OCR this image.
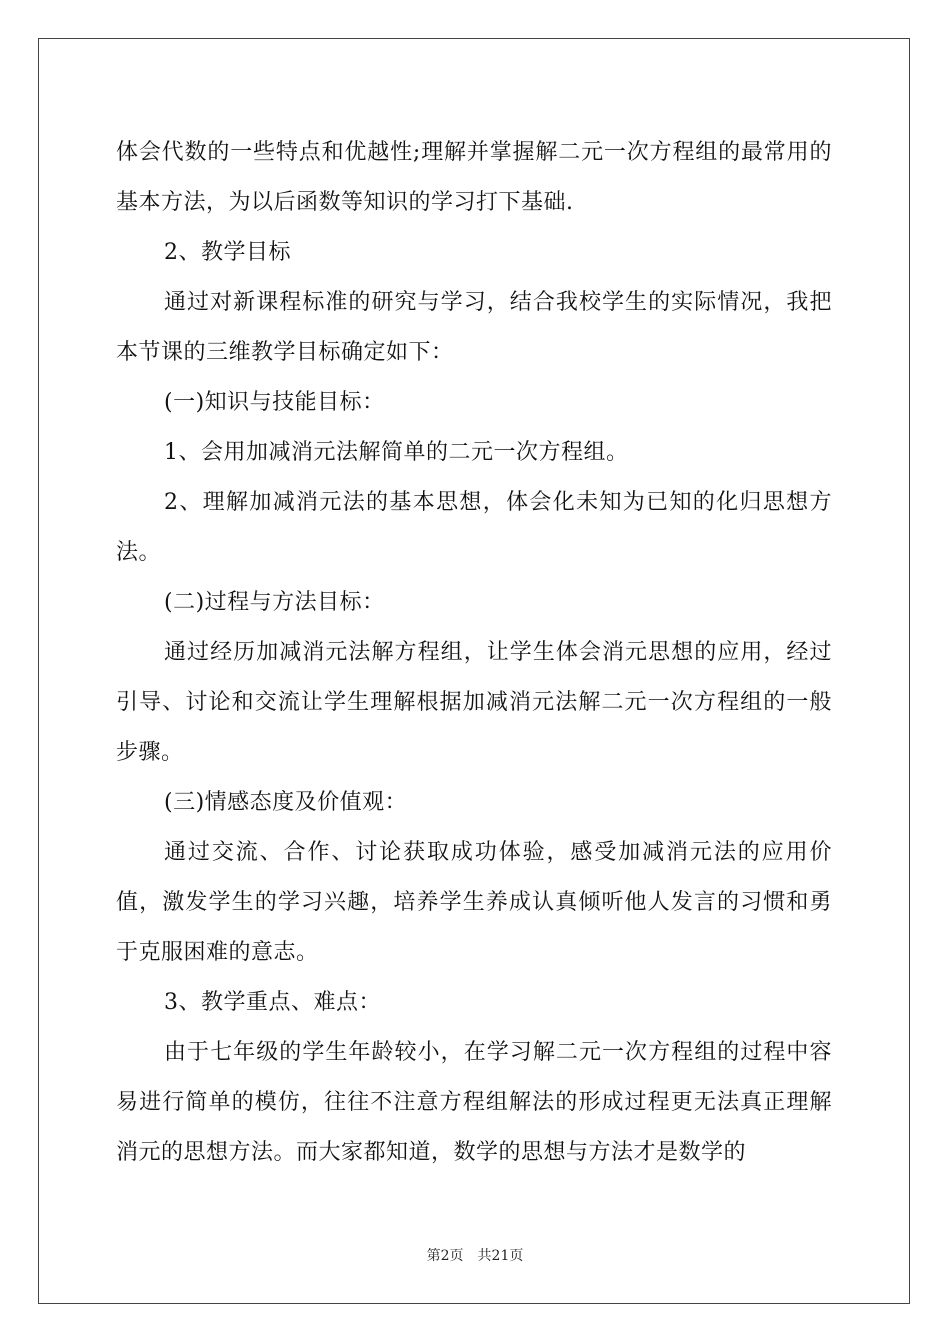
体会代数的一些特点和优越性;理解并掌握解二元一次方程组的最常用的基本方法，为以后函数等知识的学习打下基础.

2、教学目标

通过对新课程标准的研究与学习，结合我校学生的实际情况，我把本节课的三维教学目标确定如下：

(一)知识与技能目标：

1、会用加减消元法解简单的二元一次方程组。

2、理解加减消元法的基本思想，体会化未知为已知的化归思想方法。

(二)过程与方法目标：

通过经历加减消元法解方程组，让学生体会消元思想的应用，经过引导、讨论和交流让学生理解根据加减消元法解二元一次方程组的一般步骤。

(三)情感态度及价值观：

通过交流、合作、讨论获取成功体验，感受加减消元法的应用价值，激发学生的学习兴趣，培养学生养成认真倾听他人发言的习惯和勇于克服困难的意志。

3、教学重点、难点：

由于七年级的学生年龄较小，在学习解二元一次方程组的过程中容易进行简单的模仿，往往不注意方程组解法的形成过程更无法真正理解消元的思想方法。而大家都知道，数学的思想与方法才是数学的

第2页　共21页
